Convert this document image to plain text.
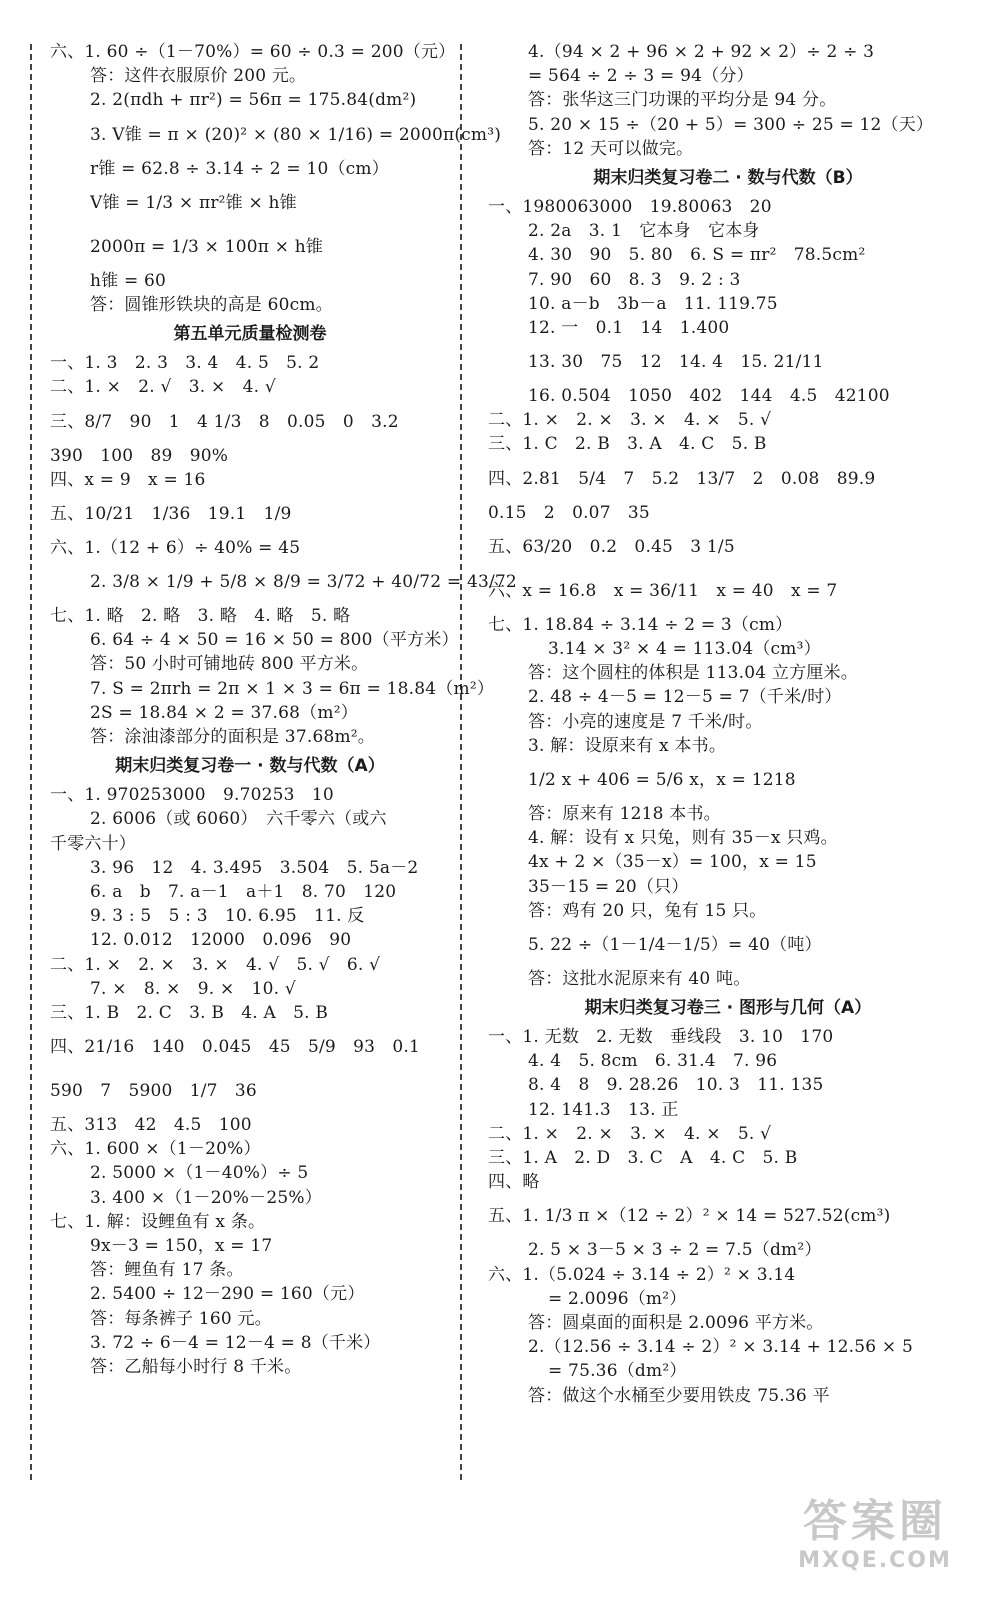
六、1. 60 ÷（1－70%）= 60 ÷ 0.3 = 200（元）
答：这件衣服原价 200 元。
2. 2(πdh + πr²) = 56π = 175.84(dm²)
3. V锥 = π × (20)² × (80 × 1/16) = 2000π(cm³)
r锥 = 62.8 ÷ 3.14 ÷ 2 = 10（cm）
V锥 = 1/3 × πr²锥 × h锥
2000π = 1/3 × 100π × h锥
h锥 = 60
答：圆锥形铁块的高是 60cm。
第五单元质量检测卷
一、1. 3　2. 3　3. 4　4. 5　5. 2
二、1. ×　2. √　3. ×　4. √
三、8/7　90　1　4 1/3　8　0.05　0　3.2
390　100　89　90%
四、x = 9　x = 16
五、10/21　1/36　19.1　1/9
六、1.（12 + 6）÷ 40% = 45
2. 3/8 × 1/9 + 5/8 × 8/9 = 3/72 + 40/72 = 43/72
七、1. 略　2. 略　3. 略　4. 略　5. 略
6. 64 ÷ 4 × 50 = 16 × 50 = 800（平方米）
答：50 小时可铺地砖 800 平方米。
7. S = 2πrh = 2π × 1 × 3 = 6π = 18.84（m²）
2S = 18.84 × 2 = 37.68（m²）
答：涂油漆部分的面积是 37.68m²。
期末归类复习卷一 · 数与代数（A）
一、1. 970253000　9.70253　10
2. 6006（或 6060）　六千零六（或六
千零六十）
3. 96　12　4. 3.495　3.504　5. 5a－2
6. a　b　7. a－1　a＋1　8. 70　120
9. 3 : 5　5 : 3　10. 6.95　11. 反
12. 0.012　12000　0.096　90
二、1. ×　2. ×　3. ×　4. √　5. √　6. √
7. ×　8. ×　9. ×　10. √
三、1. B　2. C　3. B　4. A　5. B
四、21/16　140　0.045　45　5/9　93　0.1
590　7　5900　1/7　36
五、313　42　4.5　100
六、1. 600 ×（1－20%）
2. 5000 ×（1－40%）÷ 5
3. 400 ×（1－20%－25%）
七、1. 解：设鲤鱼有 x 条。
9x－3 = 150，x = 17
答：鲤鱼有 17 条。
2. 5400 ÷ 12－290 = 160（元）
答：每条裤子 160 元。
3. 72 ÷ 6－4 = 12－4 = 8（千米）
答：乙船每小时行 8 千米。
4.（94 × 2 + 96 × 2 + 92 × 2）÷ 2 ÷ 3
= 564 ÷ 2 ÷ 3 = 94（分）
答：张华这三门功课的平均分是 94 分。
5. 20 × 15 ÷（20 + 5）= 300 ÷ 25 = 12（天）
答：12 天可以做完。
期末归类复习卷二 · 数与代数（B）
一、1980063000　19.80063　20
2. 2a　3. 1　它本身　它本身
4. 30　90　5. 80　6. S = πr²　78.5cm²
7. 90　60　8. 3　9. 2 : 3
10. a－b　3b－a　11. 119.75
12. 一　0.1　14　1.400
13. 30　75　12　14. 4　15. 21/11
16. 0.504　1050　402　144　4.5　42100
二、1. ×　2. ×　3. ×　4. ×　5. √
三、1. C　2. B　3. A　4. C　5. B
四、2.81　5/4　7　5.2　13/7　2　0.08　89.9
0.15　2　0.07　35
五、63/20　0.2　0.45　3 1/5
六、x = 16.8　x = 36/11　x = 40　x = 7
七、1. 18.84 ÷ 3.14 ÷ 2 = 3（cm）
3.14 × 3² × 4 = 113.04（cm³）
答：这个圆柱的体积是 113.04 立方厘米。
2. 48 ÷ 4－5 = 12－5 = 7（千米/时）
答：小亮的速度是 7 千米/时。
3. 解：设原来有 x 本书。
1/2 x + 406 = 5/6 x，x = 1218
答：原来有 1218 本书。
4. 解：设有 x 只兔，则有 35－x 只鸡。
4x + 2 ×（35－x）= 100，x = 15
35－15 = 20（只）
答：鸡有 20 只，兔有 15 只。
5. 22 ÷（1－1/4－1/5）= 40（吨）
答：这批水泥原来有 40 吨。
期末归类复习卷三 · 图形与几何（A）
一、1. 无数　2. 无数　垂线段　3. 10　170
4. 4　5. 8cm　6. 31.4　7. 96
8. 4　8　9. 28.26　10. 3　11. 135
12. 141.3　13. 正
二、1. ×　2. ×　3. ×　4. ×　5. √
三、1. A　2. D　3. C　A　4. C　5. B
四、略
五、1. 1/3 π ×（12 ÷ 2）² × 14 = 527.52(cm³)
2. 5 × 3－5 × 3 ÷ 2 = 7.5（dm²）
六、1.（5.024 ÷ 3.14 ÷ 2）² × 3.14
= 2.0096（m²）
答：圆桌面的面积是 2.0096 平方米。
2.（12.56 ÷ 3.14 ÷ 2）² × 3.14 + 12.56 × 5
= 75.36（dm²）
答：做这个水桶至少要用铁皮 75.36 平
答案圈
MXQE.COM
